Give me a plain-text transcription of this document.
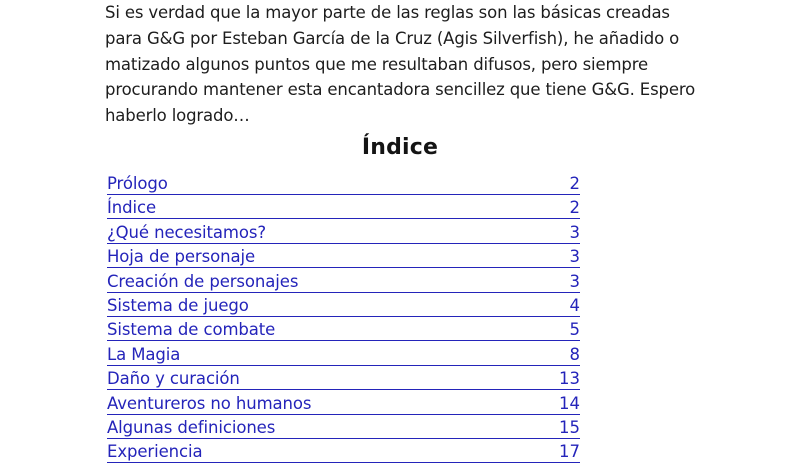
Si es verdad que la mayor parte de las reglas son las básicas creadas
para G&G por Esteban García de la Cruz (Agis Silverfish), he añadido o
matizado algunos puntos que me resultaban difusos, pero siempre
procurando mantener esta encantadora sencillez que tiene G&G. Espero
haberlo logrado…
Índice
Prólogo	2
Índice	2
¿Qué necesitamos?	3
Hoja de personaje	3
Creación de personajes	3
Sistema de juego	4
Sistema de combate	5
La Magia	8
Daño y curación	13
Aventureros no humanos	14
Algunas definiciones	15
Experiencia	17
